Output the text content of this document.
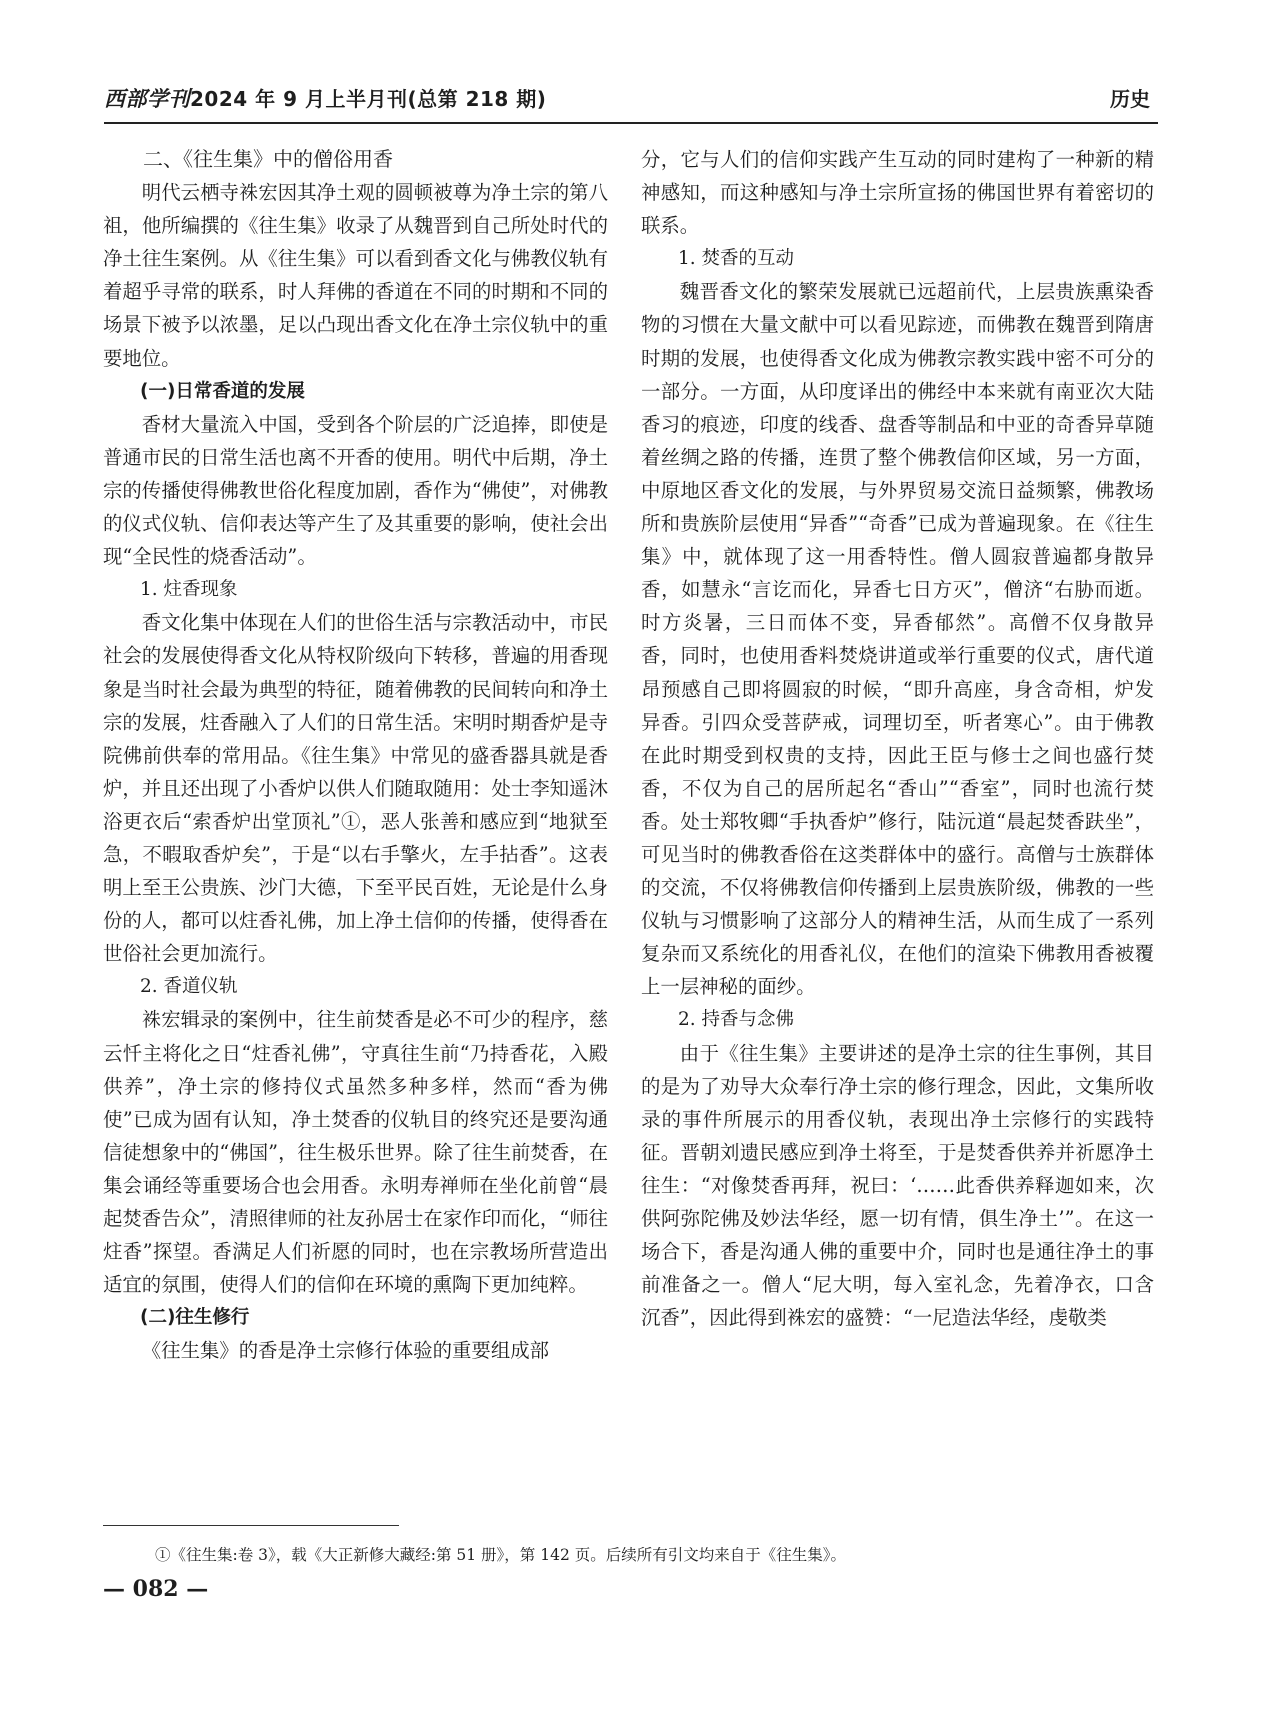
西部学刊2024 年 9 月上半月刊(总第 218 期)	历史
二、《往生集》中的僧俗用香

明代云栖寺袾宏因其净土观的圆顿被尊为净土宗的第八祖，他所编撰的《往生集》收录了从魏晋到自己所处时代的净土往生案例。从《往生集》可以看到香文化与佛教仪轨有着超乎寻常的联系，时人拜佛的香道在不同的时期和不同的场景下被予以浓墨，足以凸现出香文化在净土宗仪轨中的重要地位。

(一)日常香道的发展

香材大量流入中国，受到各个阶层的广泛追捧，即使是普通市民的日常生活也离不开香的使用。明代中后期，净土宗的传播使得佛教世俗化程度加剧，香作为“佛使”，对佛教的仪式仪轨、信仰表达等产生了及其重要的影响，使社会出现“全民性的烧香活动”。

1. 炷香现象

香文化集中体现在人们的世俗生活与宗教活动中，市民社会的发展使得香文化从特权阶级向下转移，普遍的用香现象是当时社会最为典型的特征，随着佛教的民间转向和净土宗的发展，炷香融入了人们的日常生活。宋明时期香炉是寺院佛前供奉的常用品。《往生集》中常见的盛香器具就是香炉，并且还出现了小香炉以供人们随取随用：处士李知遥沐浴更衣后“索香炉出堂顶礼”①，恶人张善和感应到“地狱至急，不暇取香炉矣”，于是“以右手擎火，左手拈香”。这表明上至王公贵族、沙门大德，下至平民百姓，无论是什么身份的人，都可以炷香礼佛，加上净土信仰的传播，使得香在世俗社会更加流行。

2. 香道仪轨

袾宏辑录的案例中，往生前焚香是必不可少的程序，慈云忏主将化之日“炷香礼佛”，守真往生前“乃持香花，入殿供养”，净土宗的修持仪式虽然多种多样，然而“香为佛使”已成为固有认知，净土焚香的仪轨目的终究还是要沟通信徒想象中的“佛国”，往生极乐世界。除了往生前焚香，在集会诵经等重要场合也会用香。永明寿禅师在坐化前曾“晨起焚香告众”，清照律师的社友孙居士在家作印而化，“师往炷香”探望。香满足人们祈愿的同时，也在宗教场所营造出适宜的氛围，使得人们的信仰在环境的熏陶下更加纯粹。

(二)往生修行

《往生集》的香是净土宗修行体验的重要组成部

分，它与人们的信仰实践产生互动的同时建构了一种新的精神感知，而这种感知与净土宗所宣扬的佛国世界有着密切的联系。

1. 焚香的互动

魏晋香文化的繁荣发展就已远超前代，上层贵族熏染香物的习惯在大量文献中可以看见踪迹，而佛教在魏晋到隋唐时期的发展，也使得香文化成为佛教宗教实践中密不可分的一部分。一方面，从印度译出的佛经中本来就有南亚次大陆香习的痕迹，印度的线香、盘香等制品和中亚的奇香异草随着丝绸之路的传播，连贯了整个佛教信仰区域，另一方面，中原地区香文化的发展，与外界贸易交流日益频繁，佛教场所和贵族阶层使用“异香”“奇香”已成为普遍现象。在《往生集》中，就体现了这一用香特性。僧人圆寂普遍都身散异香，如慧永“言讫而化，异香七日方灭”，僧济“右胁而逝。时方炎暑，三日而体不变，异香郁然”。高僧不仅身散异香，同时，也使用香料焚烧讲道或举行重要的仪式，唐代道昂预感自己即将圆寂的时候，“即升高座，身含奇相，炉发异香。引四众受菩萨戒，词理切至，听者寒心”。由于佛教在此时期受到权贵的支持，因此王臣与修士之间也盛行焚香，不仅为自己的居所起名“香山”“香室”，同时也流行焚香。处士郑牧卿“手执香炉”修行，陆沅道“晨起焚香趺坐”，可见当时的佛教香俗在这类群体中的盛行。高僧与士族群体的交流，不仅将佛教信仰传播到上层贵族阶级，佛教的一些仪轨与习惯影响了这部分人的精神生活，从而生成了一系列复杂而又系统化的用香礼仪，在他们的渲染下佛教用香被覆上一层神秘的面纱。

2. 持香与念佛

由于《往生集》主要讲述的是净土宗的往生事例，其目的是为了劝导大众奉行净土宗的修行理念，因此，文集所收录的事件所展示的用香仪轨，表现出净土宗修行的实践特征。晋朝刘遗民感应到净土将至，于是焚香供养并祈愿净土往生：“对像焚香再拜，祝曰：‘……此香供养释迦如来，次供阿弥陀佛及妙法华经，愿一切有情，俱生净土’”。在这一场合下，香是沟通人佛的重要中介，同时也是通往净土的事前准备之一。僧人“尼大明，每入室礼念，先着净衣，口含沉香”，因此得到袾宏的盛赞：“一尼造法华经，虔敬类

①《往生集:卷 3》，载《大正新修大藏经:第 51 册》，第 142 页。后续所有引文均来自于《往生集》。
— 082 —
